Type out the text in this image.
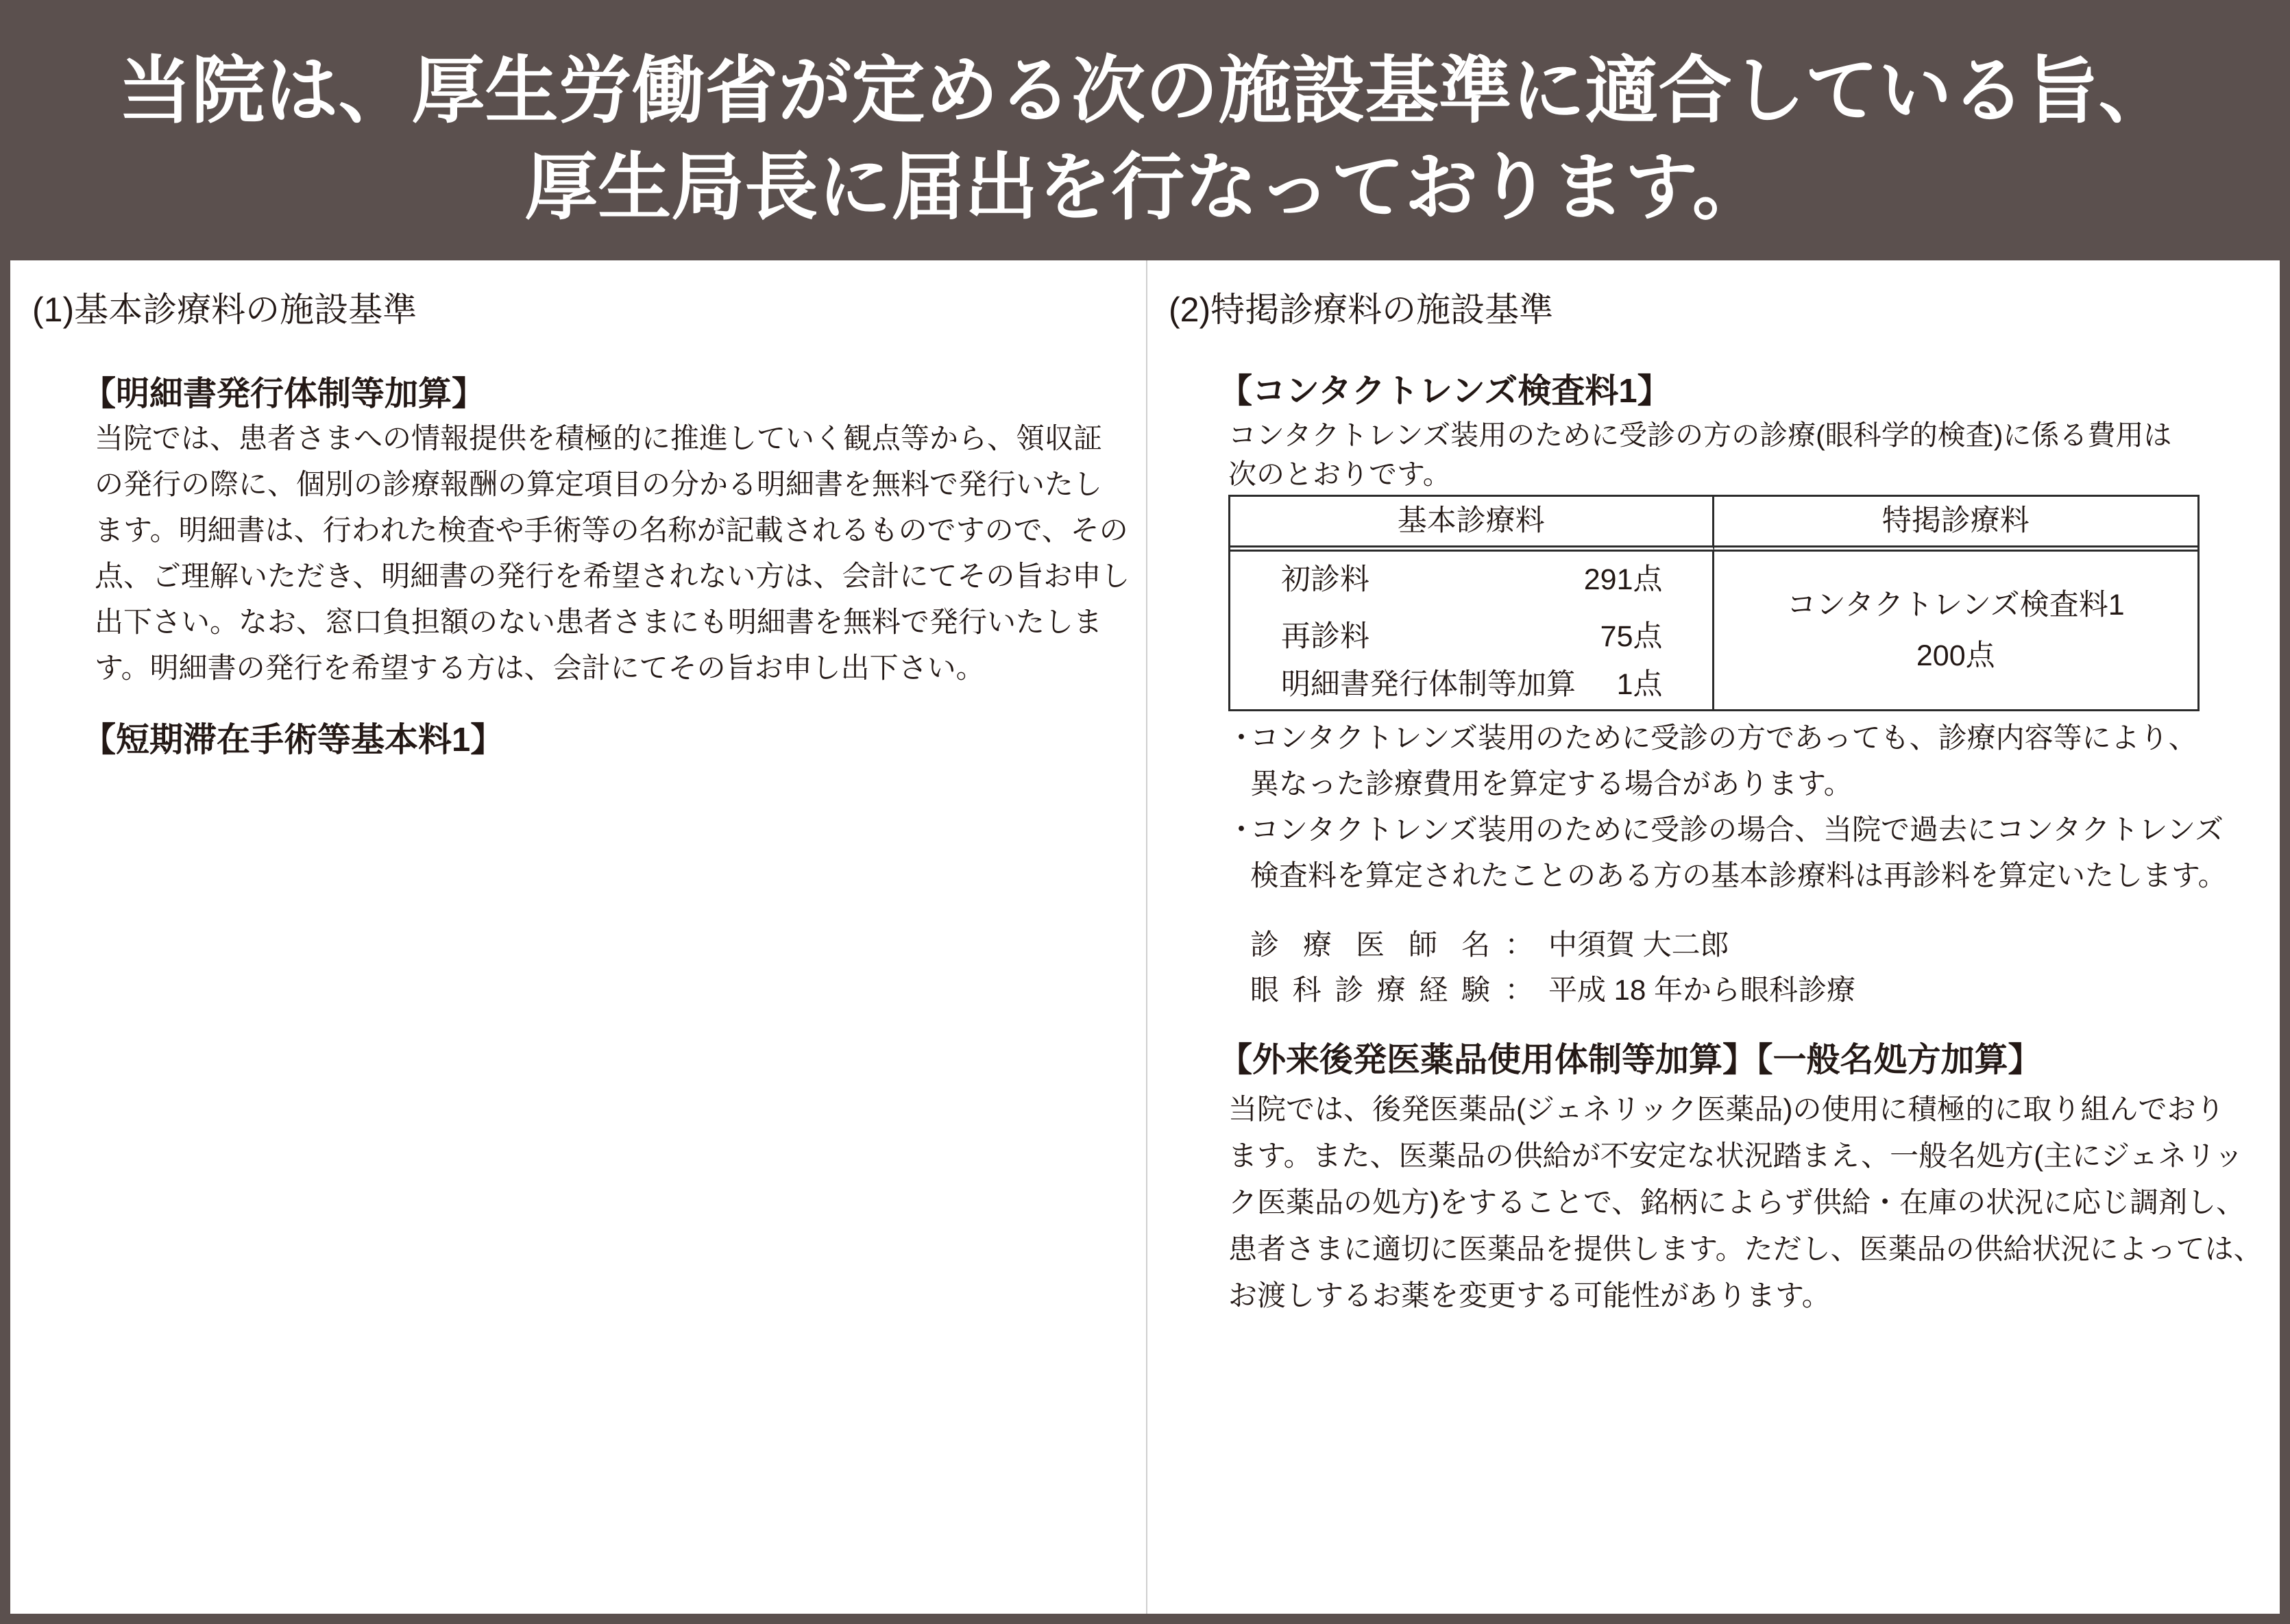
当院は、厚生労働省が定める次の施設基準に適合している旨、
厚生局長に届出を行なっております。
(1)基本診療料の施設基準
【明細書発行体制等加算】
当院では、患者さまへの情報提供を積極的に推進していく観点等から、領収証
の発行の際に、個別の診療報酬の算定項目の分かる明細書を無料で発行いたし
ます。明細書は、行われた検査や手術等の名称が記載されるものですので、その
点、ご理解いただき、明細書の発行を希望されない方は、会計にてその旨お申し
出下さい。なお、窓口負担額のない患者さまにも明細書を無料で発行いたしま
す。明細書の発行を希望する方は、会計にてその旨お申し出下さい。
【短期滞在手術等基本料1】
(2)特掲診療料の施設基準
【コンタクトレンズ検査料1】
コンタクトレンズ装用のために受診の方の診療(眼科学的検査)に係る費用は
次のとおりです。
基本診療料	特掲診療料
初診料	291点
再診料	75点
明細書発行体制等加算 1点
コンタクトレンズ検査料1
200点
・
コンタクトレンズ装用のために受診の方であっても、診療内容等により、
異なった診療費用を算定する場合があります。
・
コンタクトレンズ装用のために受診の場合、当院で過去にコンタクトレンズ
検査料を算定されたことのある方の基本診療料は再診料を算定いたします。
診 療 医 師 名 ： 中須賀 大二郎
眼 科 診 療 経 験 ： 平成 18 年から眼科診療
【外来後発医薬品使用体制等加算】【一般名処方加算】
当院では、後発医薬品(ジェネリック医薬品)の使用に積極的に取り組んでおり
ます。また、医薬品の供給が不安定な状況踏まえ、一般名処方(主にジェネリッ
ク医薬品の処方)をすることで、銘柄によらず供給・在庫の状況に応じ調剤し、
患者さまに適切に医薬品を提供します。ただし、医薬品の供給状況によっては、
お渡しするお薬を変更する可能性があります。
